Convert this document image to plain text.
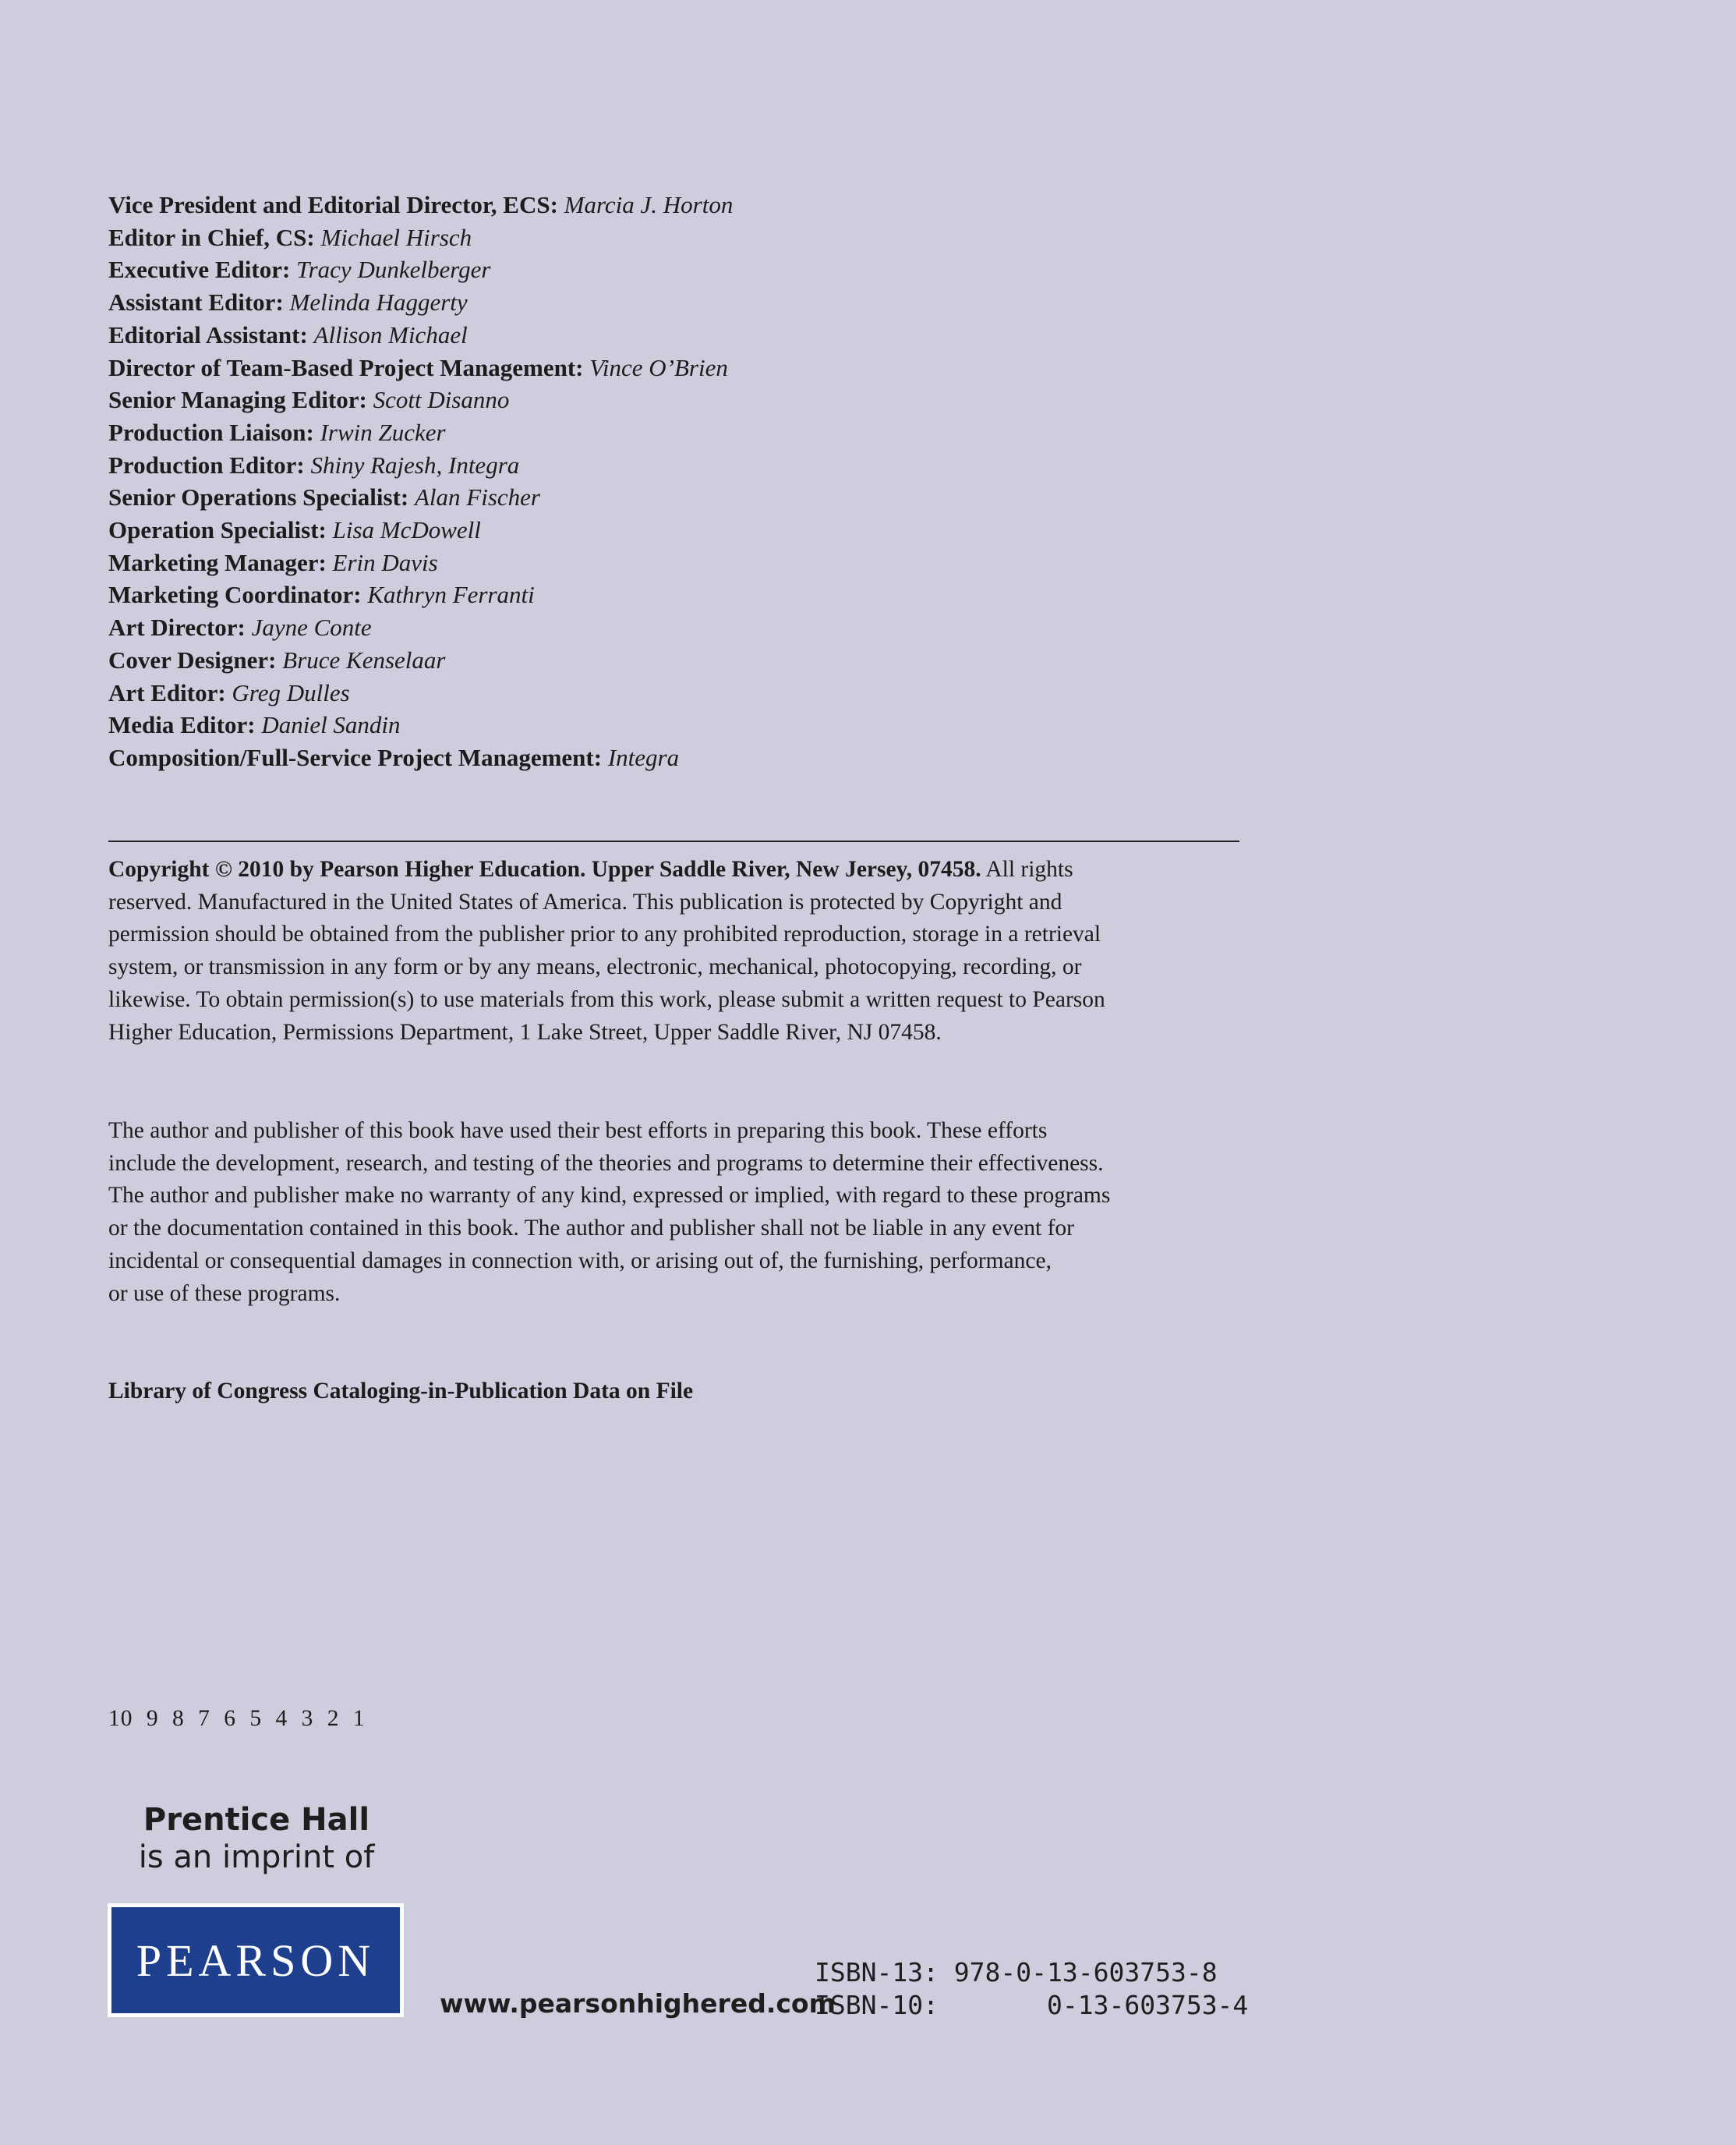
Vice President and Editorial Director, ECS: Marcia J. Horton
Editor in Chief, CS: Michael Hirsch
Executive Editor: Tracy Dunkelberger
Assistant Editor: Melinda Haggerty
Editorial Assistant: Allison Michael
Director of Team-Based Project Management: Vince O’Brien
Senior Managing Editor: Scott Disanno
Production Liaison: Irwin Zucker
Production Editor: Shiny Rajesh, Integra
Senior Operations Specialist: Alan Fischer
Operation Specialist: Lisa McDowell
Marketing Manager: Erin Davis
Marketing Coordinator: Kathryn Ferranti
Art Director: Jayne Conte
Cover Designer: Bruce Kenselaar
Art Editor: Greg Dulles
Media Editor: Daniel Sandin
Composition/Full-Service Project Management: Integra
Copyright © 2010 by Pearson Higher Education. Upper Saddle River, New Jersey, 07458. All rights
reserved. Manufactured in the United States of America. This publication is protected by Copyright and
permission should be obtained from the publisher prior to any prohibited reproduction, storage in a retrieval
system, or transmission in any form or by any means, electronic, mechanical, photocopying, recording, or
likewise. To obtain permission(s) to use materials from this work, please submit a written request to Pearson
Higher Education, Permissions Department, 1 Lake Street, Upper Saddle River, NJ 07458.
The author and publisher of this book have used their best efforts in preparing this book. These efforts
include the development, research, and testing of the theories and programs to determine their effectiveness.
The author and publisher make no warranty of any kind, expressed or implied, with regard to these programs
or the documentation contained in this book. The author and publisher shall not be liable in any event for
incidental or consequential damages in connection with, or arising out of, the furnishing, performance,
or use of these programs.
Library of Congress Cataloging-in-Publication Data on File
10 9 8 7 6 5 4 3 2 1
Prentice Hall
is an imprint of
PEARSON
www.pearsonhighered.com
ISBN-13: 978-0-13-603753-8
ISBN-10:       0-13-603753-4
